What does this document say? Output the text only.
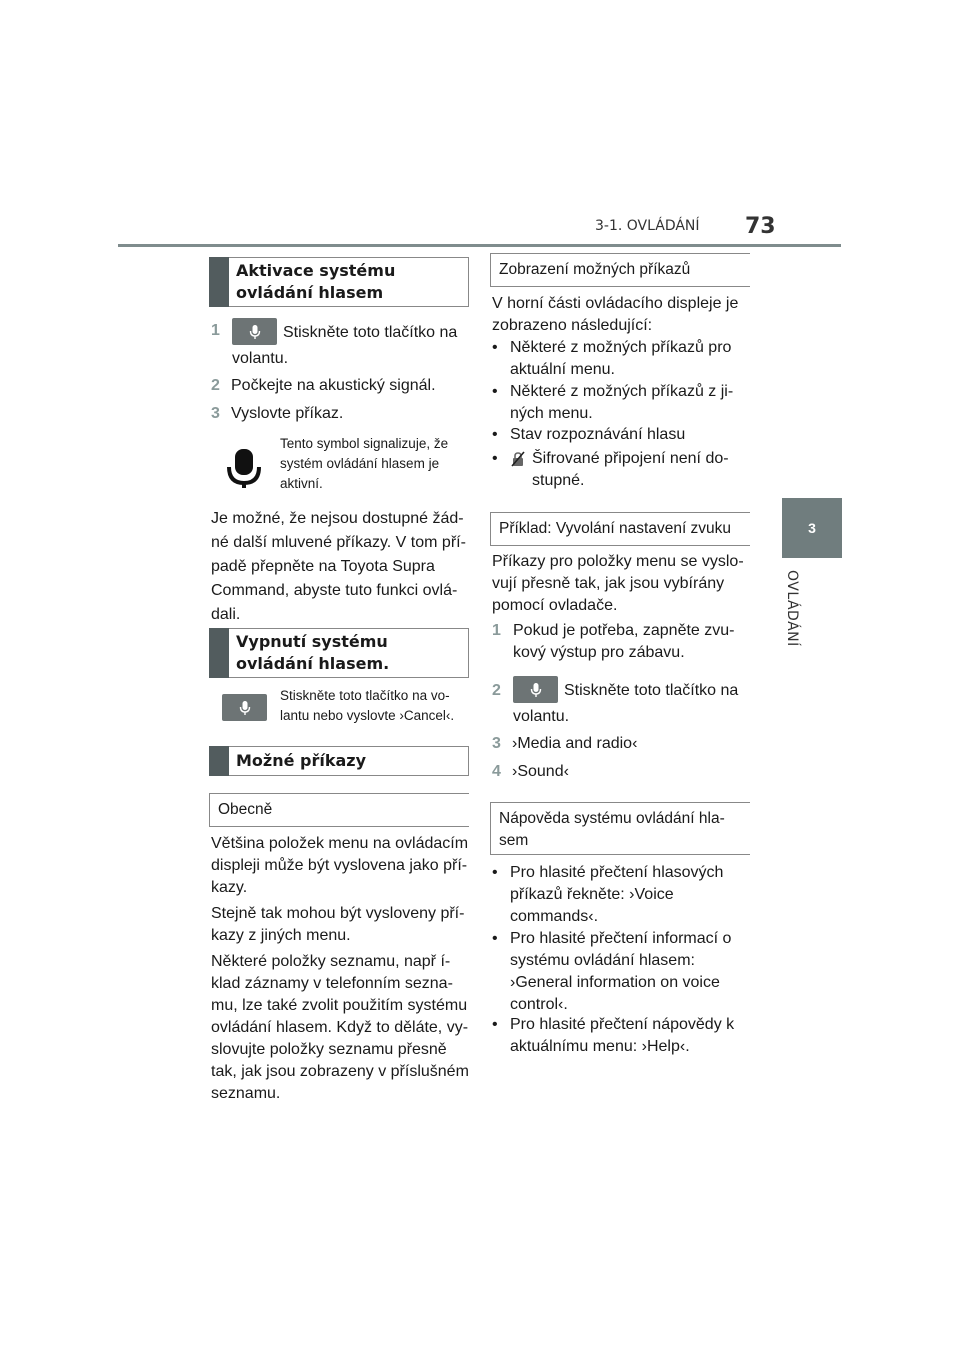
3-1. OVLÁDÁNÍ 73
3
OVLÁDÁNÍ
Aktivace systému ovládání hlasem
1	Stiskněte toto tlačítko na
volantu.
2 Počkejte na akustický signál.
3 Vyslovte příkaz.
Tento symbol signalizuje, že systém ovládání hlasem je aktivní.
Je možné, že nejsou dostupné žád-né další mluvené příkazy. V tom pří-padě přepněte na Toyota Supra Command, abyste tuto funkci ovlá-dali.
Vypnutí systému ovládání hlasem.
Stiskněte toto tlačítko na vo-lantu nebo vyslovte ›Cancel‹.
Možné příkazy
Obecně
Většina položek menu na ovládacím displeji může být vyslovena jako pří-kazy.
Stejně tak mohou být vysloveny pří-kazy z jiných menu.
Některé položky seznamu, např í-klad záznamy v telefonním sezna-mu, lze také zvolit použitím systému ovládání hlasem. Když to děláte, vy-slovujte položky seznamu přesně tak, jak jsou zobrazeny v příslušném seznamu.
Zobrazení možných příkazů
V horní části ovládacího displeje je zobrazeno následující:
• Některé z možných příkazů pro aktuální menu.
• Některé z možných příkazů z ji-ných menu.
• Stav rozpoznávání hlasu
• Šifrované připojení není do-stupné.
Příklad: Vyvolání nastavení zvuku
Příkazy pro položky menu se vyslo-vují přesně tak, jak jsou vybírány pomocí ovladače.
1 Pokud je potřeba, zapněte zvu-kový výstup pro zábavu.
2	Stiskněte toto tlačítko na
volantu.
3 ›Media and radio‹
4 ›Sound‹
Nápověda systému ovládání hla-sem
• Pro hlasité přečtení hlasových příkazů řekněte: ›Voice commands‹.
• Pro hlasité přečtení informací o systému ovládání hlasem: ›General information on voice control‹.
• Pro hlasité přečtení nápovědy k aktuálnímu menu: ›Help‹.
